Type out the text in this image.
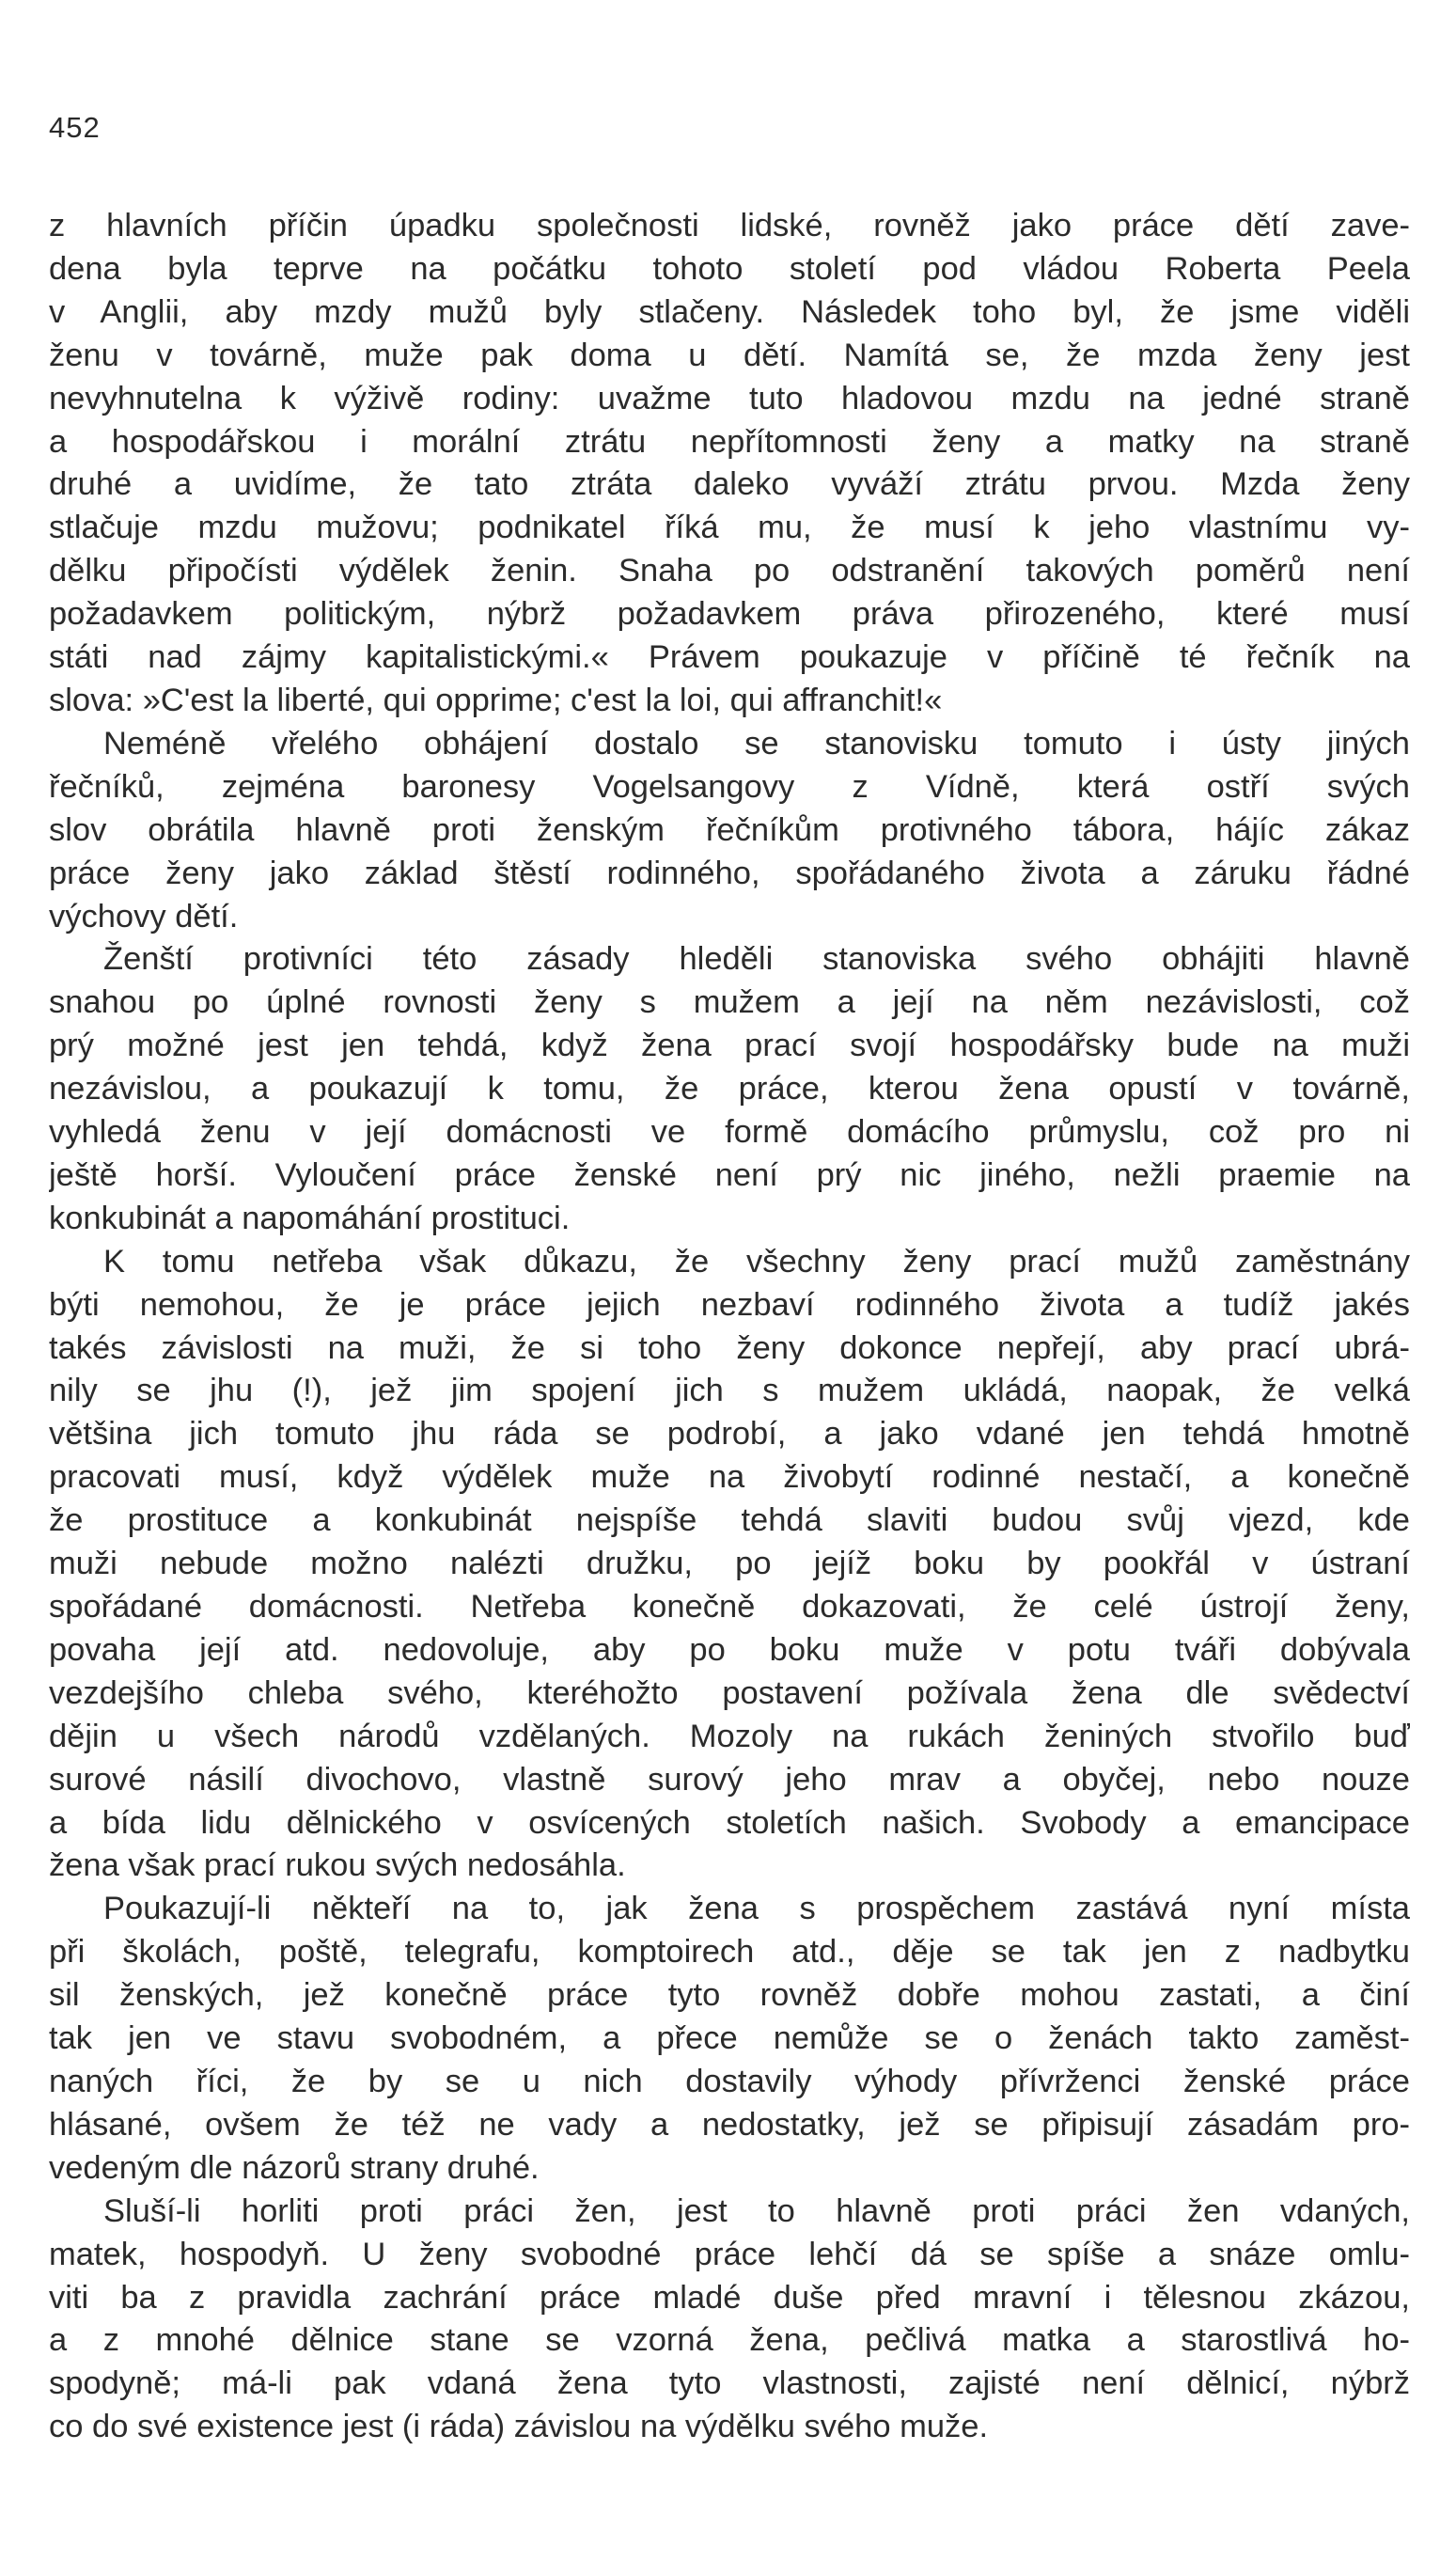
452

z hlavních příčin úpadku společnosti lidské, rovněž jako práce dětí zave-
dena byla teprve na počátku tohoto století pod vládou Roberta Peela
v Anglii, aby mzdy mužů byly stlačeny. Následek toho byl, že jsme viděli
ženu v továrně, muže pak doma u dětí. Namítá se, že mzda ženy jest
nevyhnutelna k výživě rodiny: uvažme tuto hladovou mzdu na jedné straně
a hospodářskou i morální ztrátu nepřítomnosti ženy a matky na straně
druhé a uvidíme, že tato ztráta daleko vyváží ztrátu prvou. Mzda ženy
stlačuje mzdu mužovu; podnikatel říká mu, že musí k jeho vlastnímu vy-
dělku připočísti výdělek ženin. Snaha po odstranění takových poměrů není
požadavkem politickým, nýbrž požadavkem práva přirozeného, které musí
státi nad zájmy kapitalistickými.« Právem poukazuje v příčině té řečník na
slova: »C'est la liberté, qui opprime; c'est la loi, qui affranchit!«

Neméně vřelého obhájení dostalo se stanovisku tomuto i ústy jiných
řečníků, zejména baronesy Vogelsangovy z Vídně, která ostří svých
slov obrátila hlavně proti ženským řečníkům protivného tábora, hájíc zákaz
práce ženy jako základ štěstí rodinného, spořádaného života a záruku řádné
výchovy dětí.

Ženští protivníci této zásady hleděli stanoviska svého obhájiti hlavně
snahou po úplné rovnosti ženy s mužem a její na něm nezávislosti, což
prý možné jest jen tehdá, když žena prací svojí hospodářsky bude na muži
nezávislou, a poukazují k tomu, že práce, kterou žena opustí v továrně,
vyhledá ženu v její domácnosti ve formě domácího průmyslu, což pro ni
ještě horší. Vyloučení práce ženské není prý nic jiného, nežli praemie na
konkubinát a napomáhání prostituci.

K tomu netřeba však důkazu, že všechny ženy prací mužů zaměstnány
býti nemohou, že je práce jejich nezbaví rodinného života a tudíž jakés
takés závislosti na muži, že si toho ženy dokonce nepřejí, aby prací ubrá-
nily se jhu (!), jež jim spojení jich s mužem ukládá, naopak, že velká
většina jich tomuto jhu ráda se podrobí, a jako vdané jen tehdá hmotně
pracovati musí, když výdělek muže na živobytí rodinné nestačí, a konečně
že prostituce a konkubinát nejspíše tehdá slaviti budou svůj vjezd, kde
muži nebude možno nalézti družku, po jejíž boku by pookřál v ústraní
spořádané domácnosti. Netřeba konečně dokazovati, že celé ústrojí ženy,
povaha její atd. nedovoluje, aby po boku muže v potu tváři dobývala
vezdejšího chleba svého, kteréhožto postavení požívala žena dle svědectví
dějin u všech národů vzdělaných. Mozoly na rukách ženiných stvořilo buď
surové násilí divochovo, vlastně surový jeho mrav a obyčej, nebo nouze
a bída lidu dělnického v osvícených stoletích našich. Svobody a emancipace
žena však prací rukou svých nedosáhla.

Poukazují-li někteří na to, jak žena s prospěchem zastává nyní místa
při školách, poště, telegrafu, komptoirech atd., děje se tak jen z nadbytku
sil ženských, jež konečně práce tyto rovněž dobře mohou zastati, a činí
tak jen ve stavu svobodném, a přece nemůže se o ženách takto zaměst-
naných říci, že by se u nich dostavily výhody přívrženci ženské práce
hlásané, ovšem že též ne vady a nedostatky, jež se připisují zásadám pro-
vedeným dle názorů strany druhé.

Sluší-li horliti proti práci žen, jest to hlavně proti práci žen vdaných,
matek, hospodyň. U ženy svobodné práce lehčí dá se spíše a snáze omlu-
viti ba z pravidla zachrání práce mladé duše před mravní i tělesnou zkázou,
a z mnohé dělnice stane se vzorná žena, pečlivá matka a starostlivá ho-
spodyně; má-li pak vdaná žena tyto vlastnosti, zajisté není dělnicí, nýbrž
co do své existence jest (i ráda) závislou na výdělku svého muže.
